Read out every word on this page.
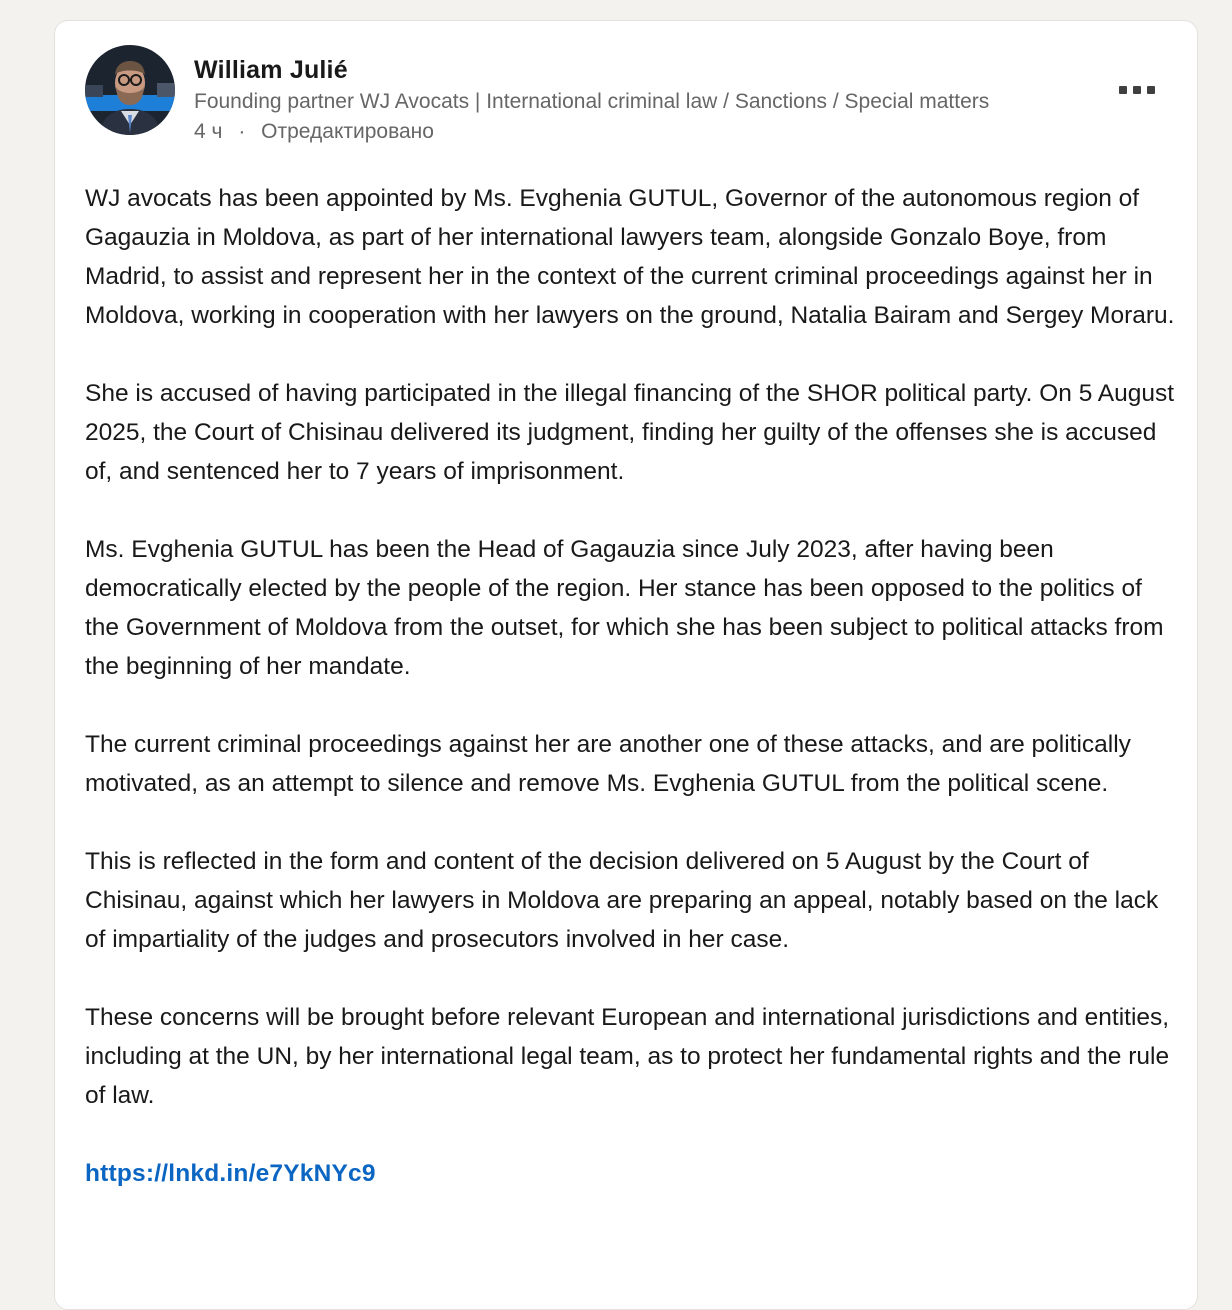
William Julié
Founding partner WJ Avocats | International criminal law / Sanctions / Special matters
4 ч · Отредактировано

WJ avocats has been appointed by Ms. Evghenia GUTUL, Governor of the autonomous region of Gagauzia in Moldova, as part of her international lawyers team, alongside Gonzalo Boye, from Madrid, to assist and represent her in the context of the current criminal proceedings against her in Moldova, working in cooperation with her lawyers on the ground, Natalia Bairam and Sergey Moraru.

She is accused of having participated in the illegal financing of the SHOR political party. On 5 August 2025, the Court of Chisinau delivered its judgment, finding her guilty of the offenses she is accused of, and sentenced her to 7 years of imprisonment.

Ms. Evghenia GUTUL has been the Head of Gagauzia since July 2023, after having been democratically elected by the people of the region. Her stance has been opposed to the politics of the Government of Moldova from the outset, for which she has been subject to political attacks from the beginning of her mandate.

The current criminal proceedings against her are another one of these attacks, and are politically motivated, as an attempt to silence and remove Ms. Evghenia GUTUL from the political scene.

This is reflected in the form and content of the decision delivered on 5 August by the Court of Chisinau, against which her lawyers in Moldova are preparing an appeal, notably based on the lack of impartiality of the judges and prosecutors involved in her case.

These concerns will be brought before relevant European and international jurisdictions and entities, including at the UN, by her international legal team, as to protect her fundamental rights and the rule of law.

https://lnkd.in/e7YkNYc9
